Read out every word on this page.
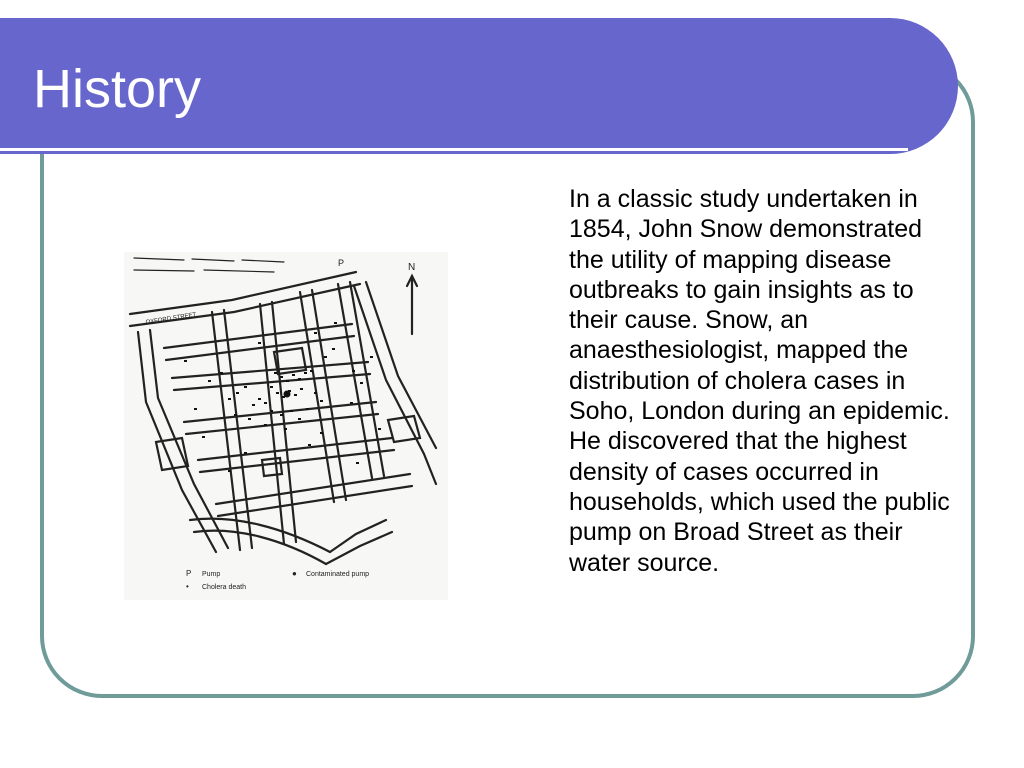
History
N
P
OXFORD STREET
P Pump
• Cholera death
● Contaminated pump

In a classic study undertaken in 1854, John Snow demonstrated the utility of mapping disease outbreaks to gain insights as to their cause. Snow, an anaesthesiologist, mapped the distribution of cholera cases in Soho, London during an epidemic. He discovered that the highest density of cases occurred in households, which used the public pump on Broad Street as their water source.
